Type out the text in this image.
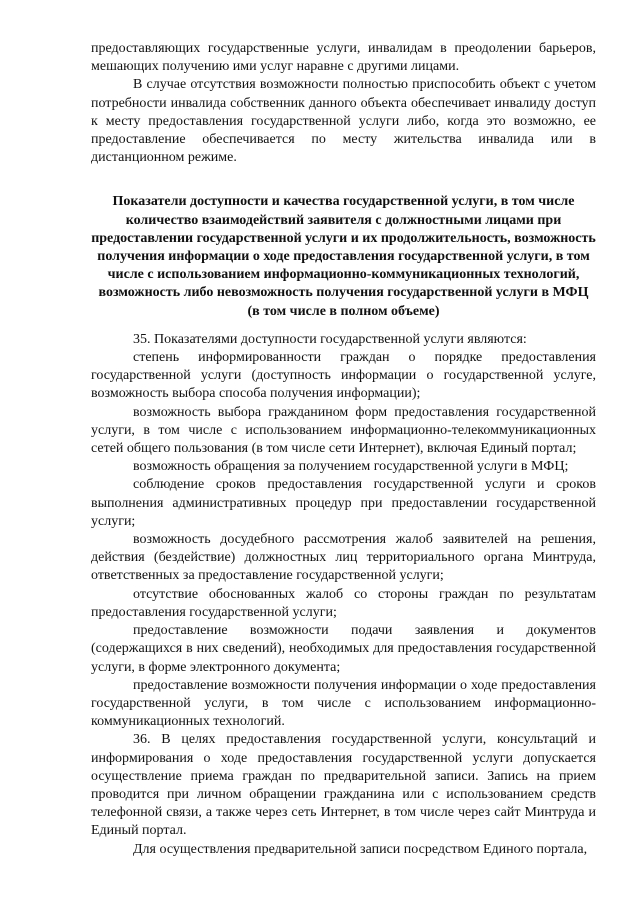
предоставляющих государственные услуги, инвалидам в преодолении барьеров, мешающих получению ими услуг наравне с другими лицами.

В случае отсутствия возможности полностью приспособить объект с учетом потребности инвалида собственник данного объекта обеспечивает инвалиду доступ к месту предоставления государственной услуги либо, когда это возможно, ее предоставление обеспечивается по месту жительства инвалида или в дистанционном режиме.

Показатели доступности и качества государственной услуги, в том числе количество взаимодействий заявителя с должностными лицами при предоставлении государственной услуги и их продолжительность, возможность получения информации о ходе предоставления государственной услуги, в том числе с использованием информационно-коммуникационных технологий, возможность либо невозможность получения государственной услуги в МФЦ (в том числе в полном объеме)

35. Показателями доступности государственной услуги являются:

степень информированности граждан о порядке предоставления государственной услуги (доступность информации о государственной услуге, возможность выбора способа получения информации);

возможность выбора гражданином форм предоставления государственной услуги, в том числе с использованием информационно-телекоммуникационных сетей общего пользования (в том числе сети Интернет), включая Единый портал;

возможность обращения за получением государственной услуги в МФЦ;

соблюдение сроков предоставления государственной услуги и сроков выполнения административных процедур при предоставлении государственной услуги;

возможность досудебного рассмотрения жалоб заявителей на решения, действия (бездействие) должностных лиц территориального органа Минтруда, ответственных за предоставление государственной услуги;

отсутствие обоснованных жалоб со стороны граждан по результатам предоставления государственной услуги;

предоставление возможности подачи заявления и документов (содержащихся в них сведений), необходимых для предоставления государственной услуги, в форме электронного документа;

предоставление возможности получения информации о ходе предоставления государственной услуги, в том числе с использованием информационно-коммуникационных технологий.

36. В целях предоставления государственной услуги, консультаций и информирования о ходе предоставления государственной услуги допускается осуществление приема граждан по предварительной записи. Запись на прием проводится при личном обращении гражданина или с использованием средств телефонной связи, а также через сеть Интернет, в том числе через сайт Минтруда и Единый портал.

Для осуществления предварительной записи посредством Единого портала,
